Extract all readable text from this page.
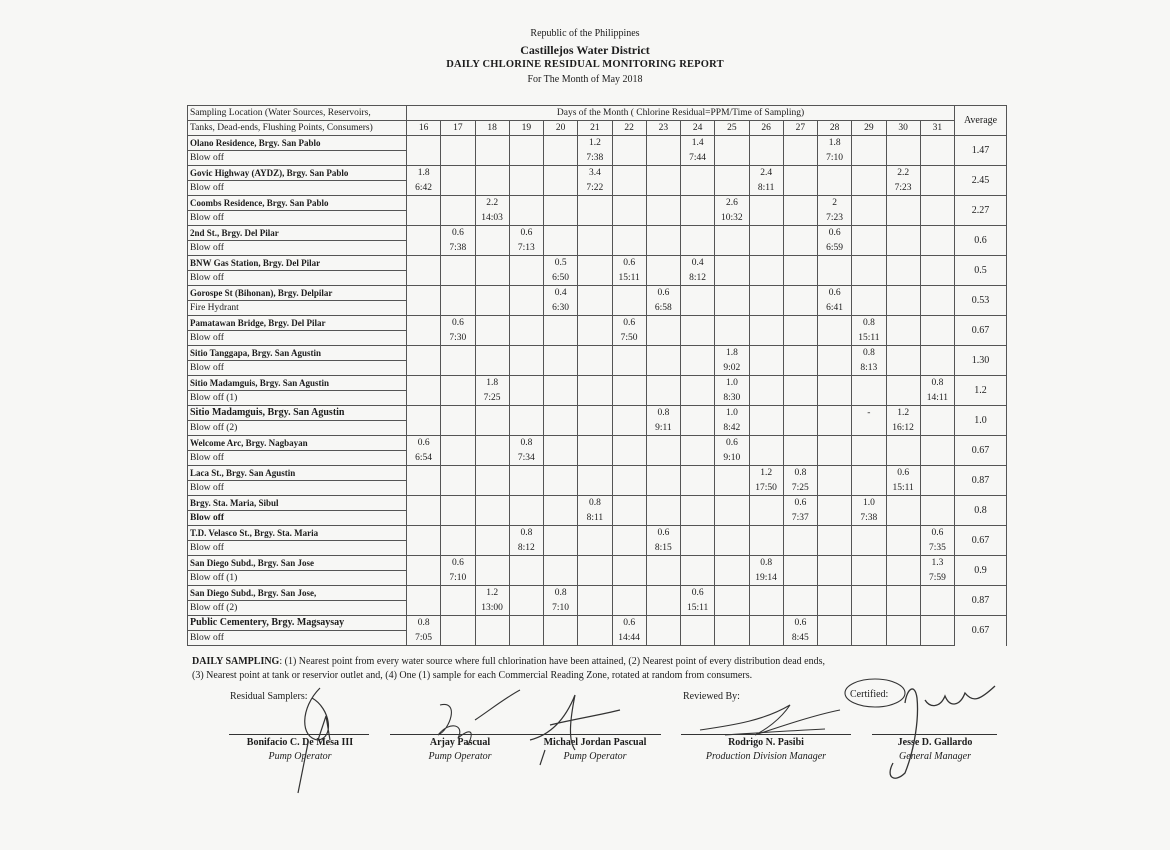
Republic of the Philippines
Castillejos Water District
DAILY CHLORINE RESIDUAL MONITORING REPORT
For The Month of May 2018
Sampling Location (Water Sources, Reservoirs,	Days of the Month ( Chlorine Residual=PPM/Time of Sampling)																Average
Tanks, Dead-ends, Flushing Points, Consumers)	16	17	18	19	20	21	22	23	24	25	26	27	28	29	30	31	
Olano Residence, Brgy. San Pablo						1.2			1.4				1.8				1.47
Blow off						7:38			7:44				7:10				
Govic Highway (AYDZ), Brgy. San Pablo	1.8					3.4					2.4				2.2		2.45
Blow off	6:42					7:22					8:11				7:23		
Coombs Residence, Brgy. San Pablo			2.2							2.6			2				2.27
Blow off			14:03							10:32			7:23				
2nd St., Brgy. Del Pilar		0.6		0.6									0.6				0.6
Blow off		7:38		7:13									6:59				
BNW Gas Station, Brgy. Del Pilar					0.5		0.6		0.4								0.5
Blow off					6:50		15:11		8:12								
Gorospe St (Bihonan), Brgy. Delpilar					0.4			0.6					0.6				0.53
Fire Hydrant					6:30			6:58					6:41				
Pamatawan Bridge, Brgy. Del Pilar		0.6					0.6							0.8			0.67
Blow off		7:30					7:50							15:11			
Sitio Tanggapa, Brgy. San Agustin										1.8				0.8			1.30
Blow off										9:02				8:13			
Sitio Madamguis, Brgy. San Agustin			1.8							1.0						0.8	1.2
Blow off (1)			7:25							8:30						14:11	
Sitio Madamguis, Brgy. San Agustin								0.8		1.0				-	1.2		1.0
Blow off (2)								9:11		8:42					16:12		
Welcome Arc, Brgy. Nagbayan	0.6			0.8						0.6							0.67
Blow off	6:54			7:34						9:10							
Laca St., Brgy. San Agustin											1.2	0.8			0.6		0.87
Blow off											17:50	7:25			15:11		
Brgy. Sta. Maria, Sibul						0.8						0.6		1.0			0.8
Blow off						8:11						7:37		7:38			
T.D. Velasco St., Brgy. Sta. Maria				0.8				0.6								0.6	0.67
Blow off				8:12				8:15								7:35	
San Diego Subd., Brgy. San Jose		0.6									0.8					1.3	0.9
Blow off (1)		7:10									19:14					7:59	
San Diego Subd., Brgy. San Jose,			1.2		0.8				0.6								0.87
Blow off (2)			13:00		7:10				15:11								
Public Cementery, Brgy. Magsaysay	0.8						0.6					0.6					0.67
Blow off	7:05						14:44					8:45					
DAILY SAMPLING: (1) Nearest point from every water source where full chlorination have been attained, (2) Nearest point of every distribution dead ends,
(3) Nearest point at tank or reservior outlet and, (4) One (1) sample for each Commercial Reading Zone, rotated at random from consumers.
Residual Samplers:	Reviewed By:	Certified:
Bonifacio C. De Mesa III
Pump Operator
Arjay Pascual
Pump Operator
Michael Jordan Pascual
Pump Operator
Rodrigo N. Pasibi
Production Division Manager
Jesse D. Gallardo
General Manager
